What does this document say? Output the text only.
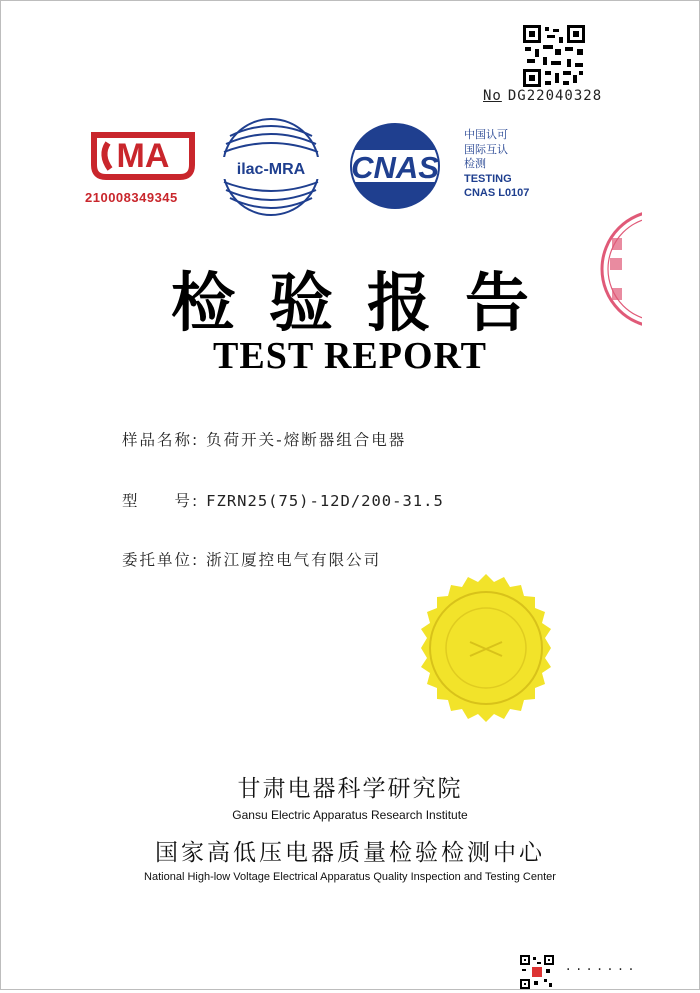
No DG22040328
MA
210008349345
ilac-MRA CNAS
中国认可
国际互认
检测
TESTING
CNAS L0107
检验报告
TEST REPORT
样品名称: 负荷开关-熔断器组合电器
型　　号: FZRN25(75)-12D/200-31.5
委托单位: 浙江厦控电气有限公司
甘肃电器科学研究院
Gansu Electric Apparatus Research Institute
国家高低压电器质量检验检测中心
National High-low Voltage Electrical Apparatus Quality Inspection and Testing Center
·······
